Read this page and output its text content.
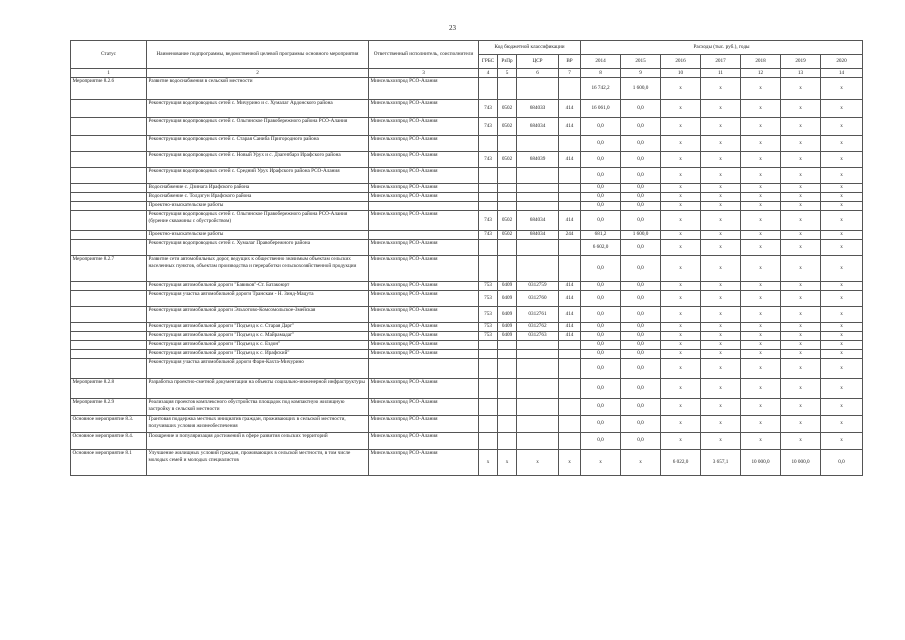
23
Статус	Наименование подпрограммы, ведомственной целевой программы основного мероприятия	Ответственный исполнитель, соисполнители	Код бюджетной классификации				Расходы (тыс. руб.), годы						
			ГРБС	РзПр	ЦСР	ВР	2014	2015	2016	2017	2018	2019	2020
1	2	3	4	5	6	7	8	9	10	11	12	13	14
Мероприятие 8.2.6	Развитие водоснабжения в сельской местности	Минсельхозпрод РСО-Алания					16 742,2	1 600,0	х	х	х	х	х
	Реконструкция водопроводных сетей с. Мичурино и с. Хумалаг Ардонского района	Минсельхозпрод РСО-Алания	743	0502	6840ЗЗ	414	16 061,0	0,0	х	х	х	х	х
	Реконструкция водопроводных сетей с. Ольгинское Правобережного района РСО-Алания	Минсельхозпрод РСО-Алания	743	0502	684034	414	0,0	0,0	х	х	х	х	х
	Реконструкция водопроводных сетей с. Старая Саниба Пригородного района	Минсельхозпрод РСО-Алания					0,0	0,0	х	х	х	х	х
	Реконструкция водопроводных сетей с. Новый Урух и с. Дзагепбарз Ирафского района	Минсельхозпрод РСО-Алания	743	0502	684039	414	0,0	0,0	х	х	х	х	х
	Реконструкция водопроводных сетей с. Средний Урух Ирафского района РСО-Алания	Минсельхозпрод РСО-Алания					0,0	0,0	х	х	х	х	х
	Водоснабжение с. Дзинага Ирафского района	Минсельхозпрод РСО-Алания					0,0	0,0	х	х	х	х	х
	Водоснабжение с. Толдзгун Ирафского района	Минсельхозпрод РСО-Алания					0,0	0,0	х	х	х	х	х
	Проектно-изыскательские работы						0,0	0,0	х	х	х	х	х
	Реконструкция водопроводных сетей с. Ольгинское Правобережного района РСО-Алания (бурение скважины с обустройством)	Минсельхозпрод РСО-Алания	743	0502	684034	414	0,0	0,0	х	х	х	х	х
	Проектно-изыскательские работы		743	0502	684034	244	681,2	1 600,0	х	х	х	х	х
	Реконструкция водопроводных сетей с. Хумалаг Правобережного района	Минсельхозпрод РСО-Алания					6 602,0	0,0	х	х	х	х	х
Мероприятие 8.2.7	Развитие сети автомобильных дорог, ведущих к общественно значимым объектам сельских населенных пунктов, объектам производства и переработки сельскохозяйственной продукции	Минсельхозпрод РСО-Алания					0,0	0,0	х	х	х	х	х
	Реконструкция автомобильной дороги "Бавиков"-Ст. Батакоюрт	Минсельхозпрод РСО-Алания	753	0409	0312759	414	0,0	0,0	х	х	х	х	х
	Реконструкция участка автомобильной дороги Транскам - Н. Зинд-Мацута	Минсельхозпрод РСО-Алания	753	0409	0312760	414	0,0	0,0	х	х	х	х	х
	Реконструкция автомобильной дороги Эльхотово-Комсомольское-Змейская	Минсельхозпрод РСО-Алания	753	0409	0312761	414	0,0	0,0	х	х	х	х	х
	Реконструкция автомобильной дороги "Подъезд к с. Старая Дарг"	Минсельхозпрод РСО-Алания	753	0409	0312762	414	0,0	0,0	х	х	х	х	х
	Реконструкция автомобильной дороги "Подъезд к с. Майрамадаг"	Минсельхозпрод РСО-Алания	753	0409	0312763	414	0,0	0,0	х	х	х	х	х
	Реконструкция автомобильной дороги "Подъезд к с. Ездон"	Минсельхозпрод РСО-Алания					0,0	0,0	х	х	х	х	х
	Реконструкция автомобильной дороги "Подъезд к с. Ирафский"	Минсельхозпрод РСО-Алания					0,0	0,0	х	х	х	х	х
	Реконструкция участка автомобильной дороги Фарн-Кахта-Мичурино						0,0	0,0	х	х	х	х	х
Мероприятие 8.2.8	Разработка проектно-сметной документации на объекты социально-инженерной инфраструктуры	Минсельхозпрод РСО-Алания					0,0	0,0	х	х	х	х	х
Мероприятие 8.2.9	Реализация проектов комплексного обустройства площадок под компактную жилищную застройку в сельской местности	Минсельхозпрод РСО-Алания					0,0	0,0	х	х	х	х	х
Основное мероприятие 8.3.	Грантовая поддержка местных инициатив граждан, проживающих в сельской местности, получивших условия жизнеобеспечения	Минсельхозпрод РСО-Алания					0,0	0,0	х	х	х	х	х
Основное мероприятие 8.4.	Поощрение и популяризация достижений в сфере развития сельских территорий	Минсельхозпрод РСО-Алания					0,0	0,0	х	х	х	х	х
Основное мероприятие 8.1	Улучшение жилищных условий граждан, проживающих в сельской местности, в том числе молодых семей и молодых специалистов	Минсельхозпрод РСО-Алания	х	х	х	х	х	х	6 022,0	3 657,1	10 000,0	10 000,0	0,0
